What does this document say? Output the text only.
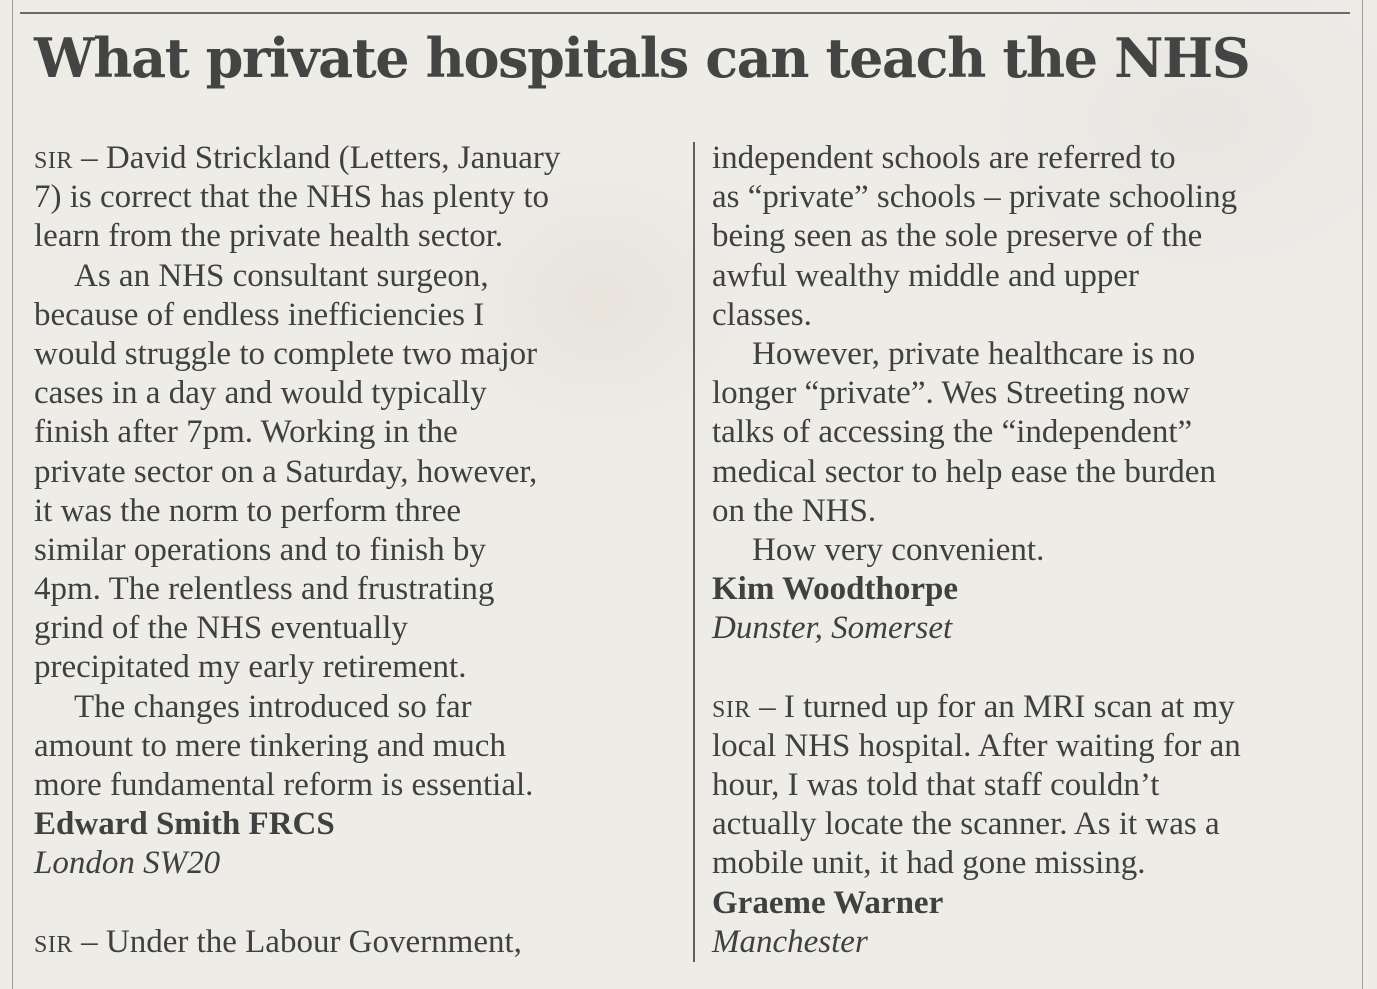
What private hospitals can teach the NHS
SIR – David Strickland (Letters, January
7) is correct that the NHS has plenty to
learn from the private health sector.
As an NHS consultant surgeon,
because of endless inefficiencies I
would struggle to complete two major
cases in a day and would typically
finish after 7pm. Working in the
private sector on a Saturday, however,
it was the norm to perform three
similar operations and to finish by
4pm. The relentless and frustrating
grind of the NHS eventually
precipitated my early retirement.
The changes introduced so far
amount to mere tinkering and much
more fundamental reform is essential.
Edward Smith FRCS
London SW20
SIR – Under the Labour Government,
independent schools are referred to
as “private” schools – private schooling
being seen as the sole preserve of the
awful wealthy middle and upper
classes.
However, private healthcare is no
longer “private”. Wes Streeting now
talks of accessing the “independent”
medical sector to help ease the burden
on the NHS.
How very convenient.
Kim Woodthorpe
Dunster, Somerset
SIR – I turned up for an MRI scan at my
local NHS hospital. After waiting for an
hour, I was told that staff couldn’t
actually locate the scanner. As it was a
mobile unit, it had gone missing.
Graeme Warner
Manchester
